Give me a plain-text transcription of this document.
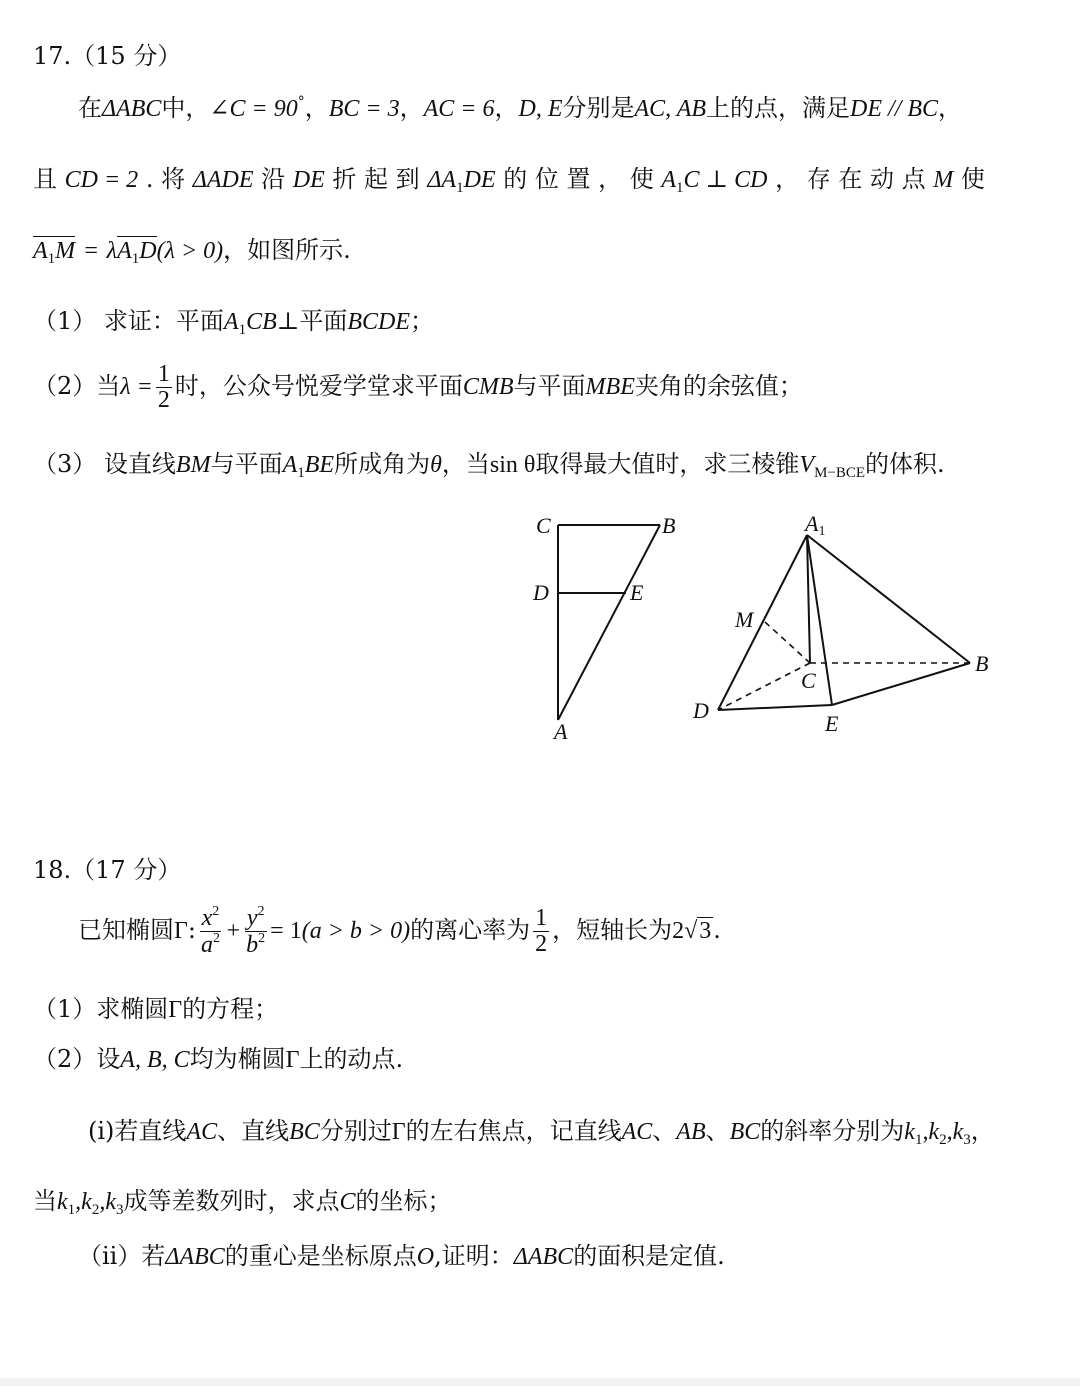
17.（15 分）
在ΔABC中，∠C = 90°，BC = 3，AC = 6，D, E分别是AC, AB上的点，满足DE // BC，
且 CD = 2 . 将 ΔADE 沿 DE 折 起 到 $\Delta A_1DE$ 的 位 置 ， 使 $A_1C$ ⊥ CD ， 存 在 动 点 M 使
$A_1M = \lambda A_1D(\lambda > 0)$，如图所示.
（1） 求证：平面$A_1CB\perp$平面BCDE；
（2）当$\lambda = \frac{1}{2}$ 时，公众号悦爱学堂求平面CMB与平面MBE夹角的余弦值；
（3） 设直线BM与平面$A_1BE$所成角为θ，当sin θ取得最大值时，求三棱锥$V_{M-BCE}$的体积.
C	B
D	E
A
A1
M
C
B
D
E
18.（17 分）
已知椭圆Γ: $\frac{x^2}{a^2} + \frac{y^2}{b^2} = 1(a > b > 0)$的离心率为 $\frac{1}{2}$ ，短轴长为2√3.
（1）求椭圆Γ的方程；
（2）设A, B, C均为椭圆Γ上的动点.
(i)若直线AC、直线BC分别过Γ的左右焦点，记直线AC、AB、BC的斜率分别为$k_1,k_2,k_3$，
当$k_1,k_2,k_3$成等差数列时，求点C的坐标；
（ii）若ΔABC的重心是坐标原点O,证明：ΔABC的面积是定值.
